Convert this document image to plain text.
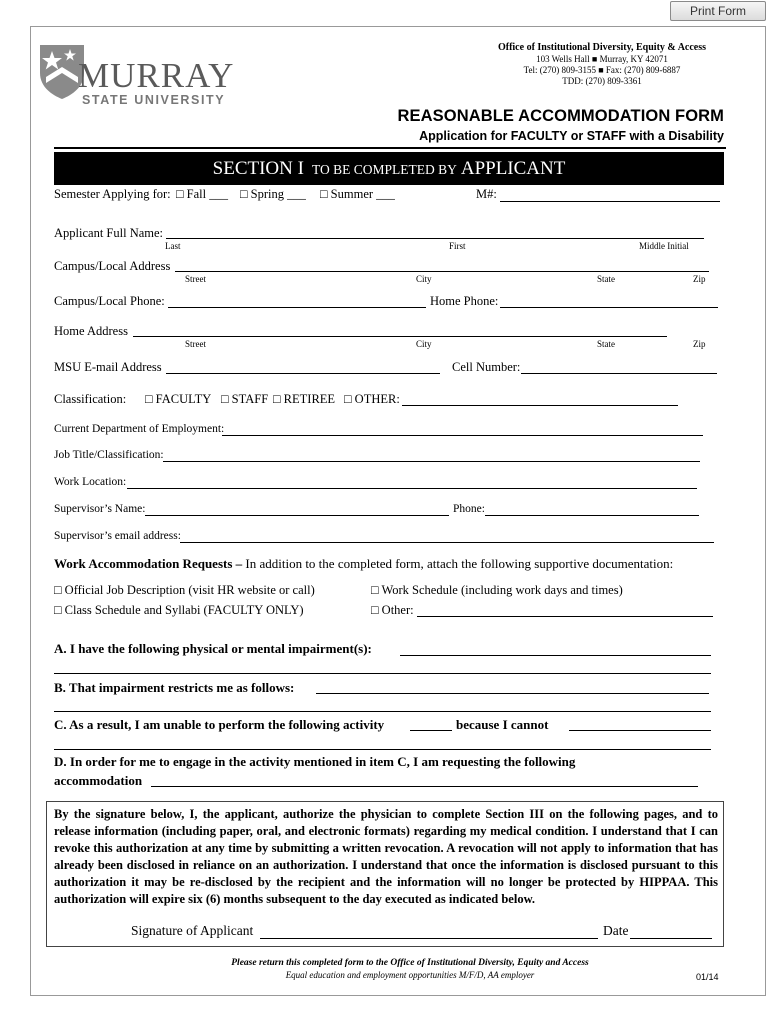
Print Form
MURRAY
STATE UNIVERSITY
Office of Institutional Diversity, Equity & Access
103 Wells Hall ■ Murray, KY 42071
Tel: (270) 809-3155 ■ Fax: (270) 809-6887
TDD: (270) 809-3361
REASONABLE ACCOMMODATION FORM
Application for FACULTY or STAFF with a Disability
SECTION I TO BE COMPLETED BY APPLICANT
Semester Applying for: □ Fall ___ □ Spring ___ □ Summer ___	M#:
Applicant Full Name:
Last	First	Middle Initial
Campus/Local Address
Street	City	State	Zip
Campus/Local Phone:	Home Phone:
Home Address
Street	City	State	Zip
MSU E-mail Address	Cell Number:
Classification: □ FACULTY □ STAFF □ RETIREE □ OTHER:
Current Department of Employment:
Job Title/Classification:
Work Location:
Supervisor’s Name:	Phone:
Supervisor’s email address:
Work Accommodation Requests – In addition to the completed form, attach the following supportive documentation:
□ Official Job Description (visit HR website or call)	□ Work Schedule (including work days and times)
□ Class Schedule and Syllabi (FACULTY ONLY)	□ Other:
A. I have the following physical or mental impairment(s):
B. That impairment restricts me as follows:
C. As a result, I am unable to perform the following activity	because I cannot
D. In order for me to engage in the activity mentioned in item C, I am requesting the following
accommodation
By the signature below, I, the applicant, authorize the physician to complete Section III on the following pages, and to release information (including paper, oral, and electronic formats) regarding my medical condition. I understand that I can revoke this authorization at any time by submitting a written revocation. A revocation will not apply to information that has already been disclosed in reliance on an authorization. I understand that once the information is disclosed pursuant to this authorization it may be re-disclosed by the recipient and the information will no longer be protected by HIPPAA. This authorization will expire six (6) months subsequent to the day executed as indicated below.
Signature of Applicant	Date
Please return this completed form to the Office of Institutional Diversity, Equity and Access
Equal education and employment opportunities M/F/D, AA employer	01/14
